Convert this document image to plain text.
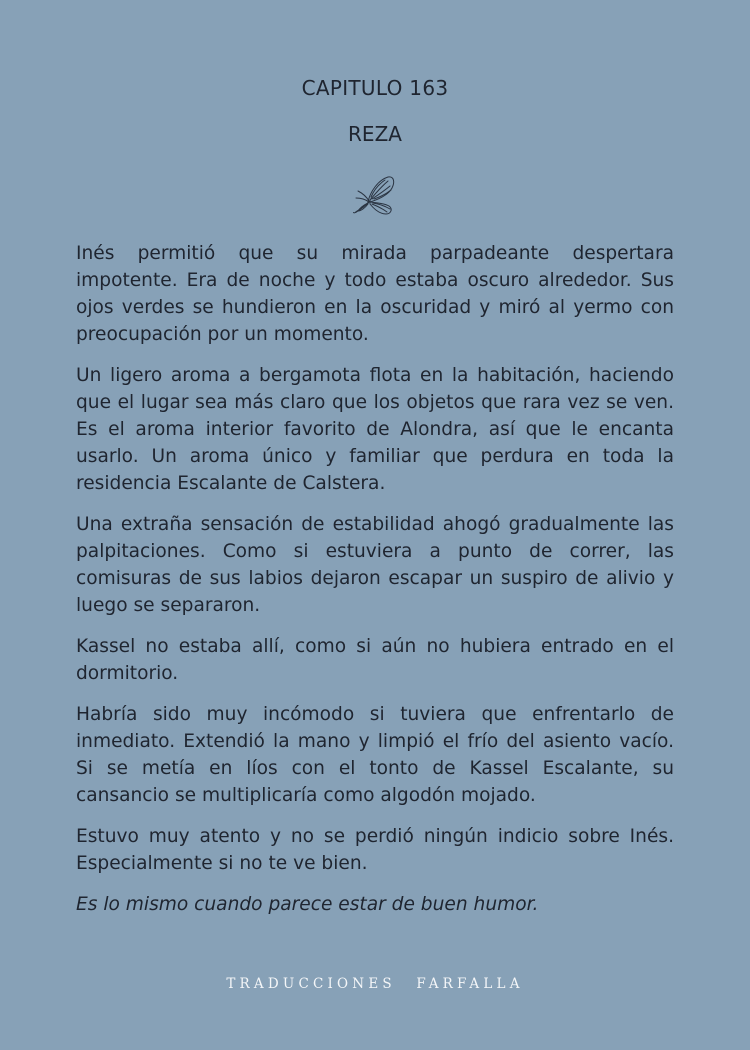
CAPITULO 163
REZA

Inés permitió que su mirada parpadeante despertara impotente. Era de noche y todo estaba oscuro alrededor. Sus ojos verdes se hundieron en la oscuridad y miró al yermo con preocupación por un momento.

Un ligero aroma a bergamota flota en la habitación, haciendo que el lugar sea más claro que los objetos que rara vez se ven. Es el aroma interior favorito de Alondra, así que le encanta usarlo. Un aroma único y familiar que perdura en toda la residencia Escalante de Calstera.

Una extraña sensación de estabilidad ahogó gradualmente las palpitaciones. Como si estuviera a punto de correr, las comisuras de sus labios dejaron escapar un suspiro de alivio y luego se separaron.

Kassel no estaba allí, como si aún no hubiera entrado en el dormitorio.

Habría sido muy incómodo si tuviera que enfrentarlo de inmediato. Extendió la mano y limpió el frío del asiento vacío. Si se metía en líos con el tonto de Kassel Escalante, su cansancio se multiplicaría como algodón mojado.

Estuvo muy atento y no se perdió ningún indicio sobre Inés. Especialmente si no te ve bien.

Es lo mismo cuando parece estar de buen humor.

TRADUCCIONES FARFALLA
